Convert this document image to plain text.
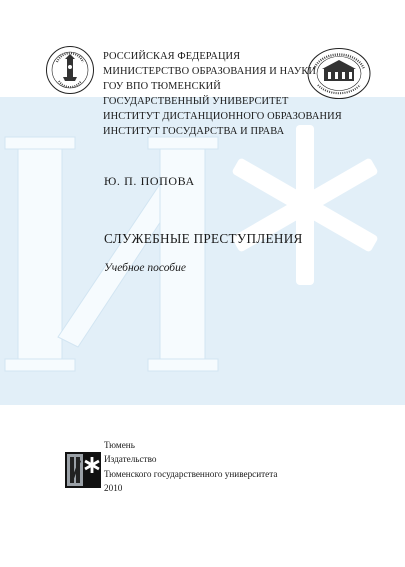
РОССИЙСКАЯ ФЕДЕРАЦИЯ
МИНИСТЕРСТВО ОБРАЗОВАНИЯ И НАУКИ
ГОУ ВПО ТЮМЕНСКИЙ
ГОСУДАРСТВЕННЫЙ УНИВЕРСИТЕТ
ИНСТИТУТ ДИСТАНЦИОННОГО ОБРАЗОВАНИЯ
ИНСТИТУТ ГОСУДАРСТВА И ПРАВА
Ю. П. ПОПОВА
СЛУЖЕБНЫЕ ПРЕСТУПЛЕНИЯ
Учебное пособие
Тюмень
Издательство
Тюменского государственного университета
2010
